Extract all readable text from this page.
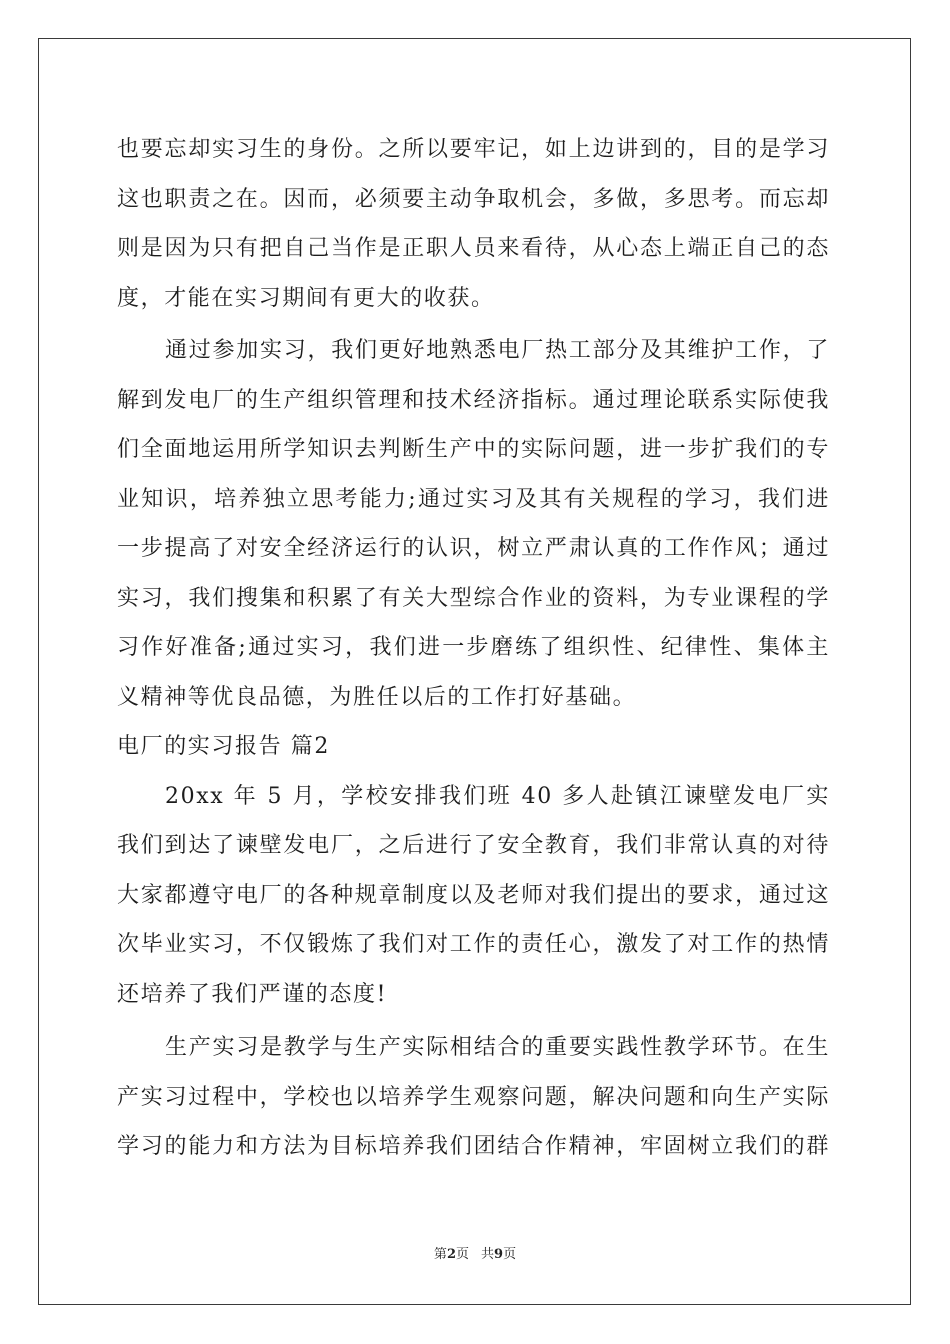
也要忘却实习生的身份。之所以要牢记，如上边讲到的，目的是学习
这也职责之在。因而，必须要主动争取机会，多做，多思考。而忘却
则是因为只有把自己当作是正职人员来看待，从心态上端正自己的态
度，才能在实习期间有更大的收获。
通过参加实习，我们更好地熟悉电厂热工部分及其维护工作，了
解到发电厂的生产组织管理和技术经济指标。通过理论联系实际使我
们全面地运用所学知识去判断生产中的实际问题，进一步扩我们的专
业知识，培养独立思考能力;通过实习及其有关规程的学习，我们进
一步提高了对安全经济运行的认识，树立严肃认真的工作作风；通过
实习，我们搜集和积累了有关大型综合作业的资料，为专业课程的学
习作好准备;通过实习，我们进一步磨练了组织性、纪律性、集体主
义精神等优良品德，为胜任以后的工作打好基础。
电厂的实习报告 篇2
20xx 年 5 月，学校安排我们班 40 多人赴镇江谏壁发电厂实
我们到达了谏壁发电厂，之后进行了安全教育，我们非常认真的对待
大家都遵守电厂的各种规章制度以及老师对我们提出的要求，通过这
次毕业实习，不仅锻炼了我们对工作的责任心，激发了对工作的热情
还培养了我们严谨的态度!
生产实习是教学与生产实际相结合的重要实践性教学环节。在生
产实习过程中，学校也以培养学生观察问题，解决问题和向生产实际
学习的能力和方法为目标培养我们团结合作精神，牢固树立我们的群
第2页 共9页
